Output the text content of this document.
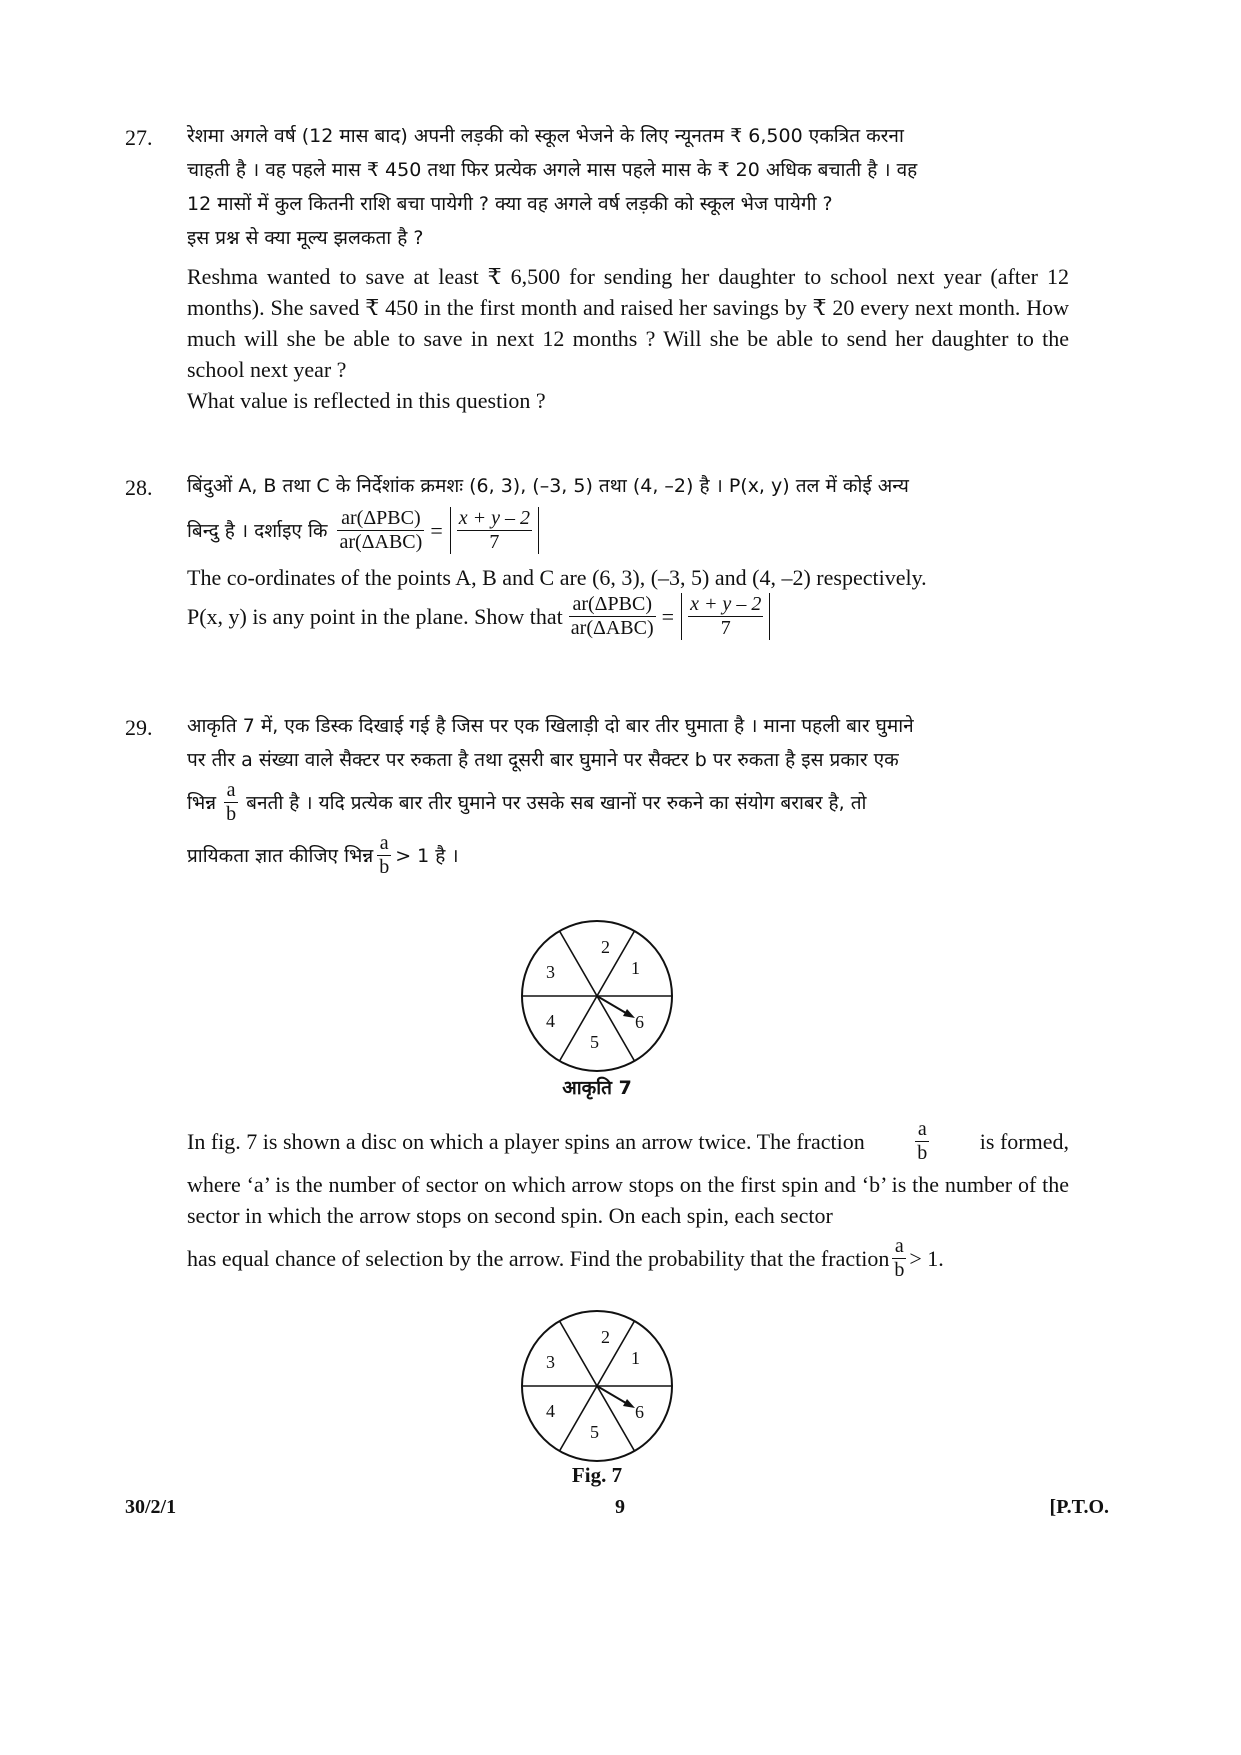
27. रेशमा अगले वर्ष (12 मास बाद) अपनी लड़की को स्कूल भेजने के लिए न्यूनतम ₹ 6,500 एकत्रित करना

चाहती है । वह पहले मास ₹ 450 तथा फिर प्रत्येक अगले मास पहले मास के ₹ 20 अधिक बचाती है । वह

12 मासों में कुल कितनी राशि बचा पायेगी ? क्या वह अगले वर्ष लड़की को स्कूल भेज पायेगी ?

इस प्रश्न से क्या मूल्य झलकता है ?

Reshma wanted to save at least ₹ 6,500 for sending her daughter to school next year (after 12 months). She saved ₹ 450 in the first month and raised her savings by ₹ 20 every next month. How much will she be able to save in next 12 months ? Will she be able to send her daughter to the school next year ?

What value is reflected in this question ?

28. बिंदुओं A, B तथा C के निर्देशांक क्रमशः (6, 3), (–3, 5) तथा (4, –2) है । P(x, y) तल में कोई अन्य

बिन्दु है । दर्शाइए कि $\frac{\text{ar(ΔPBC)}}{\text{ar(ΔABC)}} = \frac{x + y - 2}{7}$

The co-ordinates of the points A, B and C are (6, 3), (–3, 5) and (4, –2) respectively.

P(x, y) is any point in the plane. Show that $\frac{\text{ar(ΔPBC)}}{\text{ar(ΔABC)}} = \frac{x + y - 2}{7}$
29. आकृति 7 में, एक डिस्क दिखाई गई है जिस पर एक खिलाड़ी दो बार तीर घुमाता है । माना पहली बार घुमाने

पर तीर a संख्या वाले सैक्टर पर रुकता है तथा दूसरी बार घुमाने पर सैक्टर b पर रुकता है इस प्रकार एक

भिन्न $\frac{a}{b}$ बनती है । यदि प्रत्येक बार तीर घुमाने पर उसके सब खानों पर रुकने का संयोग बराबर है, तो
प्रायिकता ज्ञात कीजिए भिन्न $\frac{a}{b} > 1$ है ।
2
1
3
4
5
6
आकृति 7
In fig. 7 is shown a disc on which a player spins an arrow twice. The fraction	$\frac{a}{b}$ is formed,

where ‘a’ is the number of sector on which arrow stops on the first spin and ‘b’ is the number of the sector in which the arrow stops on second spin. On each spin, each sector

has equal chance of selection by the arrow. Find the probability that the fraction $\frac{a}{b} > 1$.
2
1
3
4
5
6
Fig. 7
30/2/1	9	[P.T.O.
